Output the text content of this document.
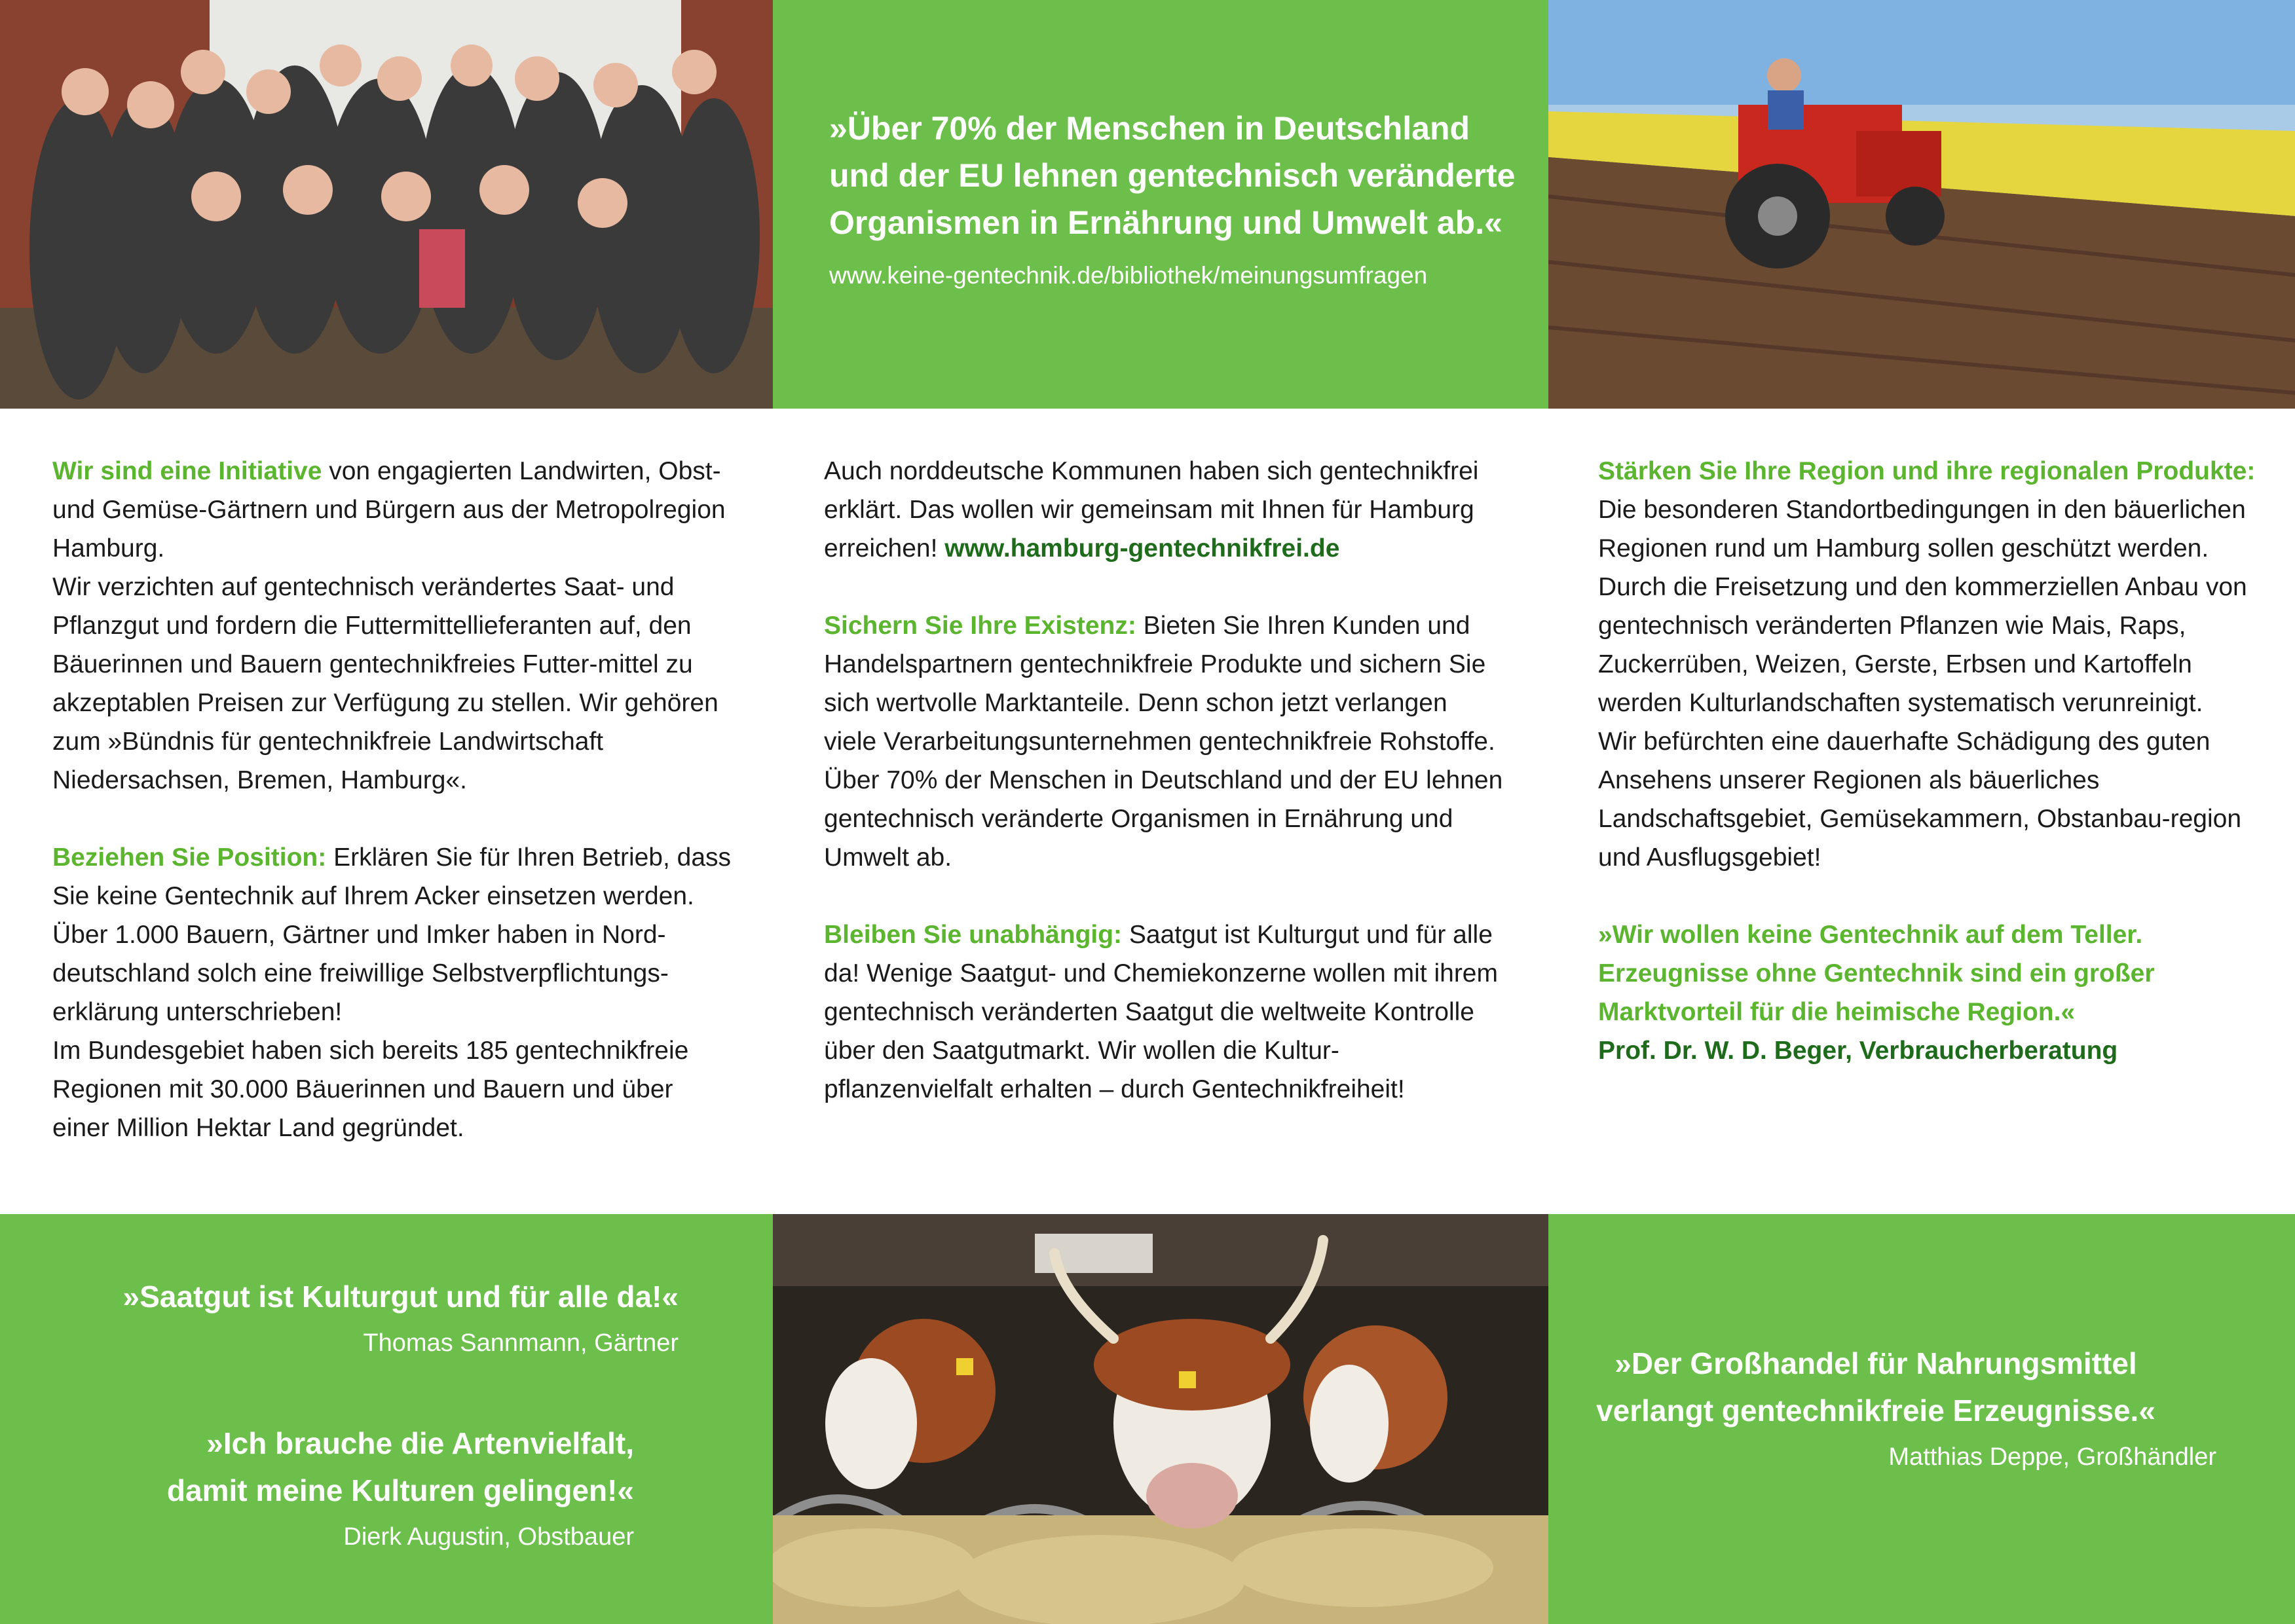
»Über 70% der Menschen in Deutschland und der EU lehnen gentechnisch veränderte Organismen in Ernährung und Umwelt ab.«
www.keine-gentechnik.de/bibliothek/meinungsumfragen

Wir sind eine Initiative von engagierten Landwirten, Obst- und Gemüse-Gärtnern und Bürgern aus der Metropolregion Hamburg.
Wir verzichten auf gentechnisch verändertes Saat- und Pflanzgut und fordern die Futtermittellieferanten auf, den Bäuerinnen und Bauern gentechnikfreies Futter-mittel zu akzeptablen Preisen zur Verfügung zu stellen. Wir gehören zum »Bündnis für gentechnikfreie Landwirtschaft Niedersachsen, Bremen, Hamburg«.

Beziehen Sie Position: Erklären Sie für Ihren Betrieb, dass Sie keine Gentechnik auf Ihrem Acker einsetzen werden. Über 1.000 Bauern, Gärtner und Imker haben in Nord-deutschland solch eine freiwillige Selbstverpflichtungs-erklärung unterschrieben!
Im Bundesgebiet haben sich bereits 185 gentechnikfreie Regionen mit 30.000 Bäuerinnen und Bauern und über einer Million Hektar Land gegründet.

Auch norddeutsche Kommunen haben sich gentechnikfrei erklärt. Das wollen wir gemeinsam mit Ihnen für Hamburg erreichen! www.hamburg-gentechnikfrei.de

Sichern Sie Ihre Existenz: Bieten Sie Ihren Kunden und Handelspartnern gentechnikfreie Produkte und sichern Sie sich wertvolle Marktanteile. Denn schon jetzt verlangen viele Verarbeitungsunternehmen gentechnikfreie Rohstoffe. Über 70% der Menschen in Deutschland und der EU lehnen gentechnisch veränderte Organismen in Ernährung und Umwelt ab.

Bleiben Sie unabhängig: Saatgut ist Kulturgut und für alle da! Wenige Saatgut- und Chemiekonzerne wollen mit ihrem gentechnisch veränderten Saatgut die weltweite Kontrolle über den Saatgutmarkt. Wir wollen die Kultur-pflanzenvielfalt erhalten – durch Gentechnikfreiheit!

Stärken Sie Ihre Region und ihre regionalen Produkte: Die besonderen Standortbedingungen in den bäuerlichen Regionen rund um Hamburg sollen geschützt werden. Durch die Freisetzung und den kommerziellen Anbau von gentechnisch veränderten Pflanzen wie Mais, Raps, Zuckerrüben, Weizen, Gerste, Erbsen und Kartoffeln werden Kulturlandschaften systematisch verunreinigt.
Wir befürchten eine dauerhafte Schädigung des guten Ansehens unserer Regionen als bäuerliches Landschaftsgebiet, Gemüsekammern, Obstanbau-region und Ausflugsgebiet!

»Wir wollen keine Gentechnik auf dem Teller. Erzeugnisse ohne Gentechnik sind ein großer Marktvorteil für die heimische Region.«
Prof. Dr. W. D. Beger, Verbraucherberatung

»Saatgut ist Kulturgut und für alle da!«
Thomas Sannmann, Gärtner
»Ich brauche die Artenvielfalt,
damit meine Kulturen gelingen!«
Dierk Augustin, Obstbauer
»Der Großhandel für Nahrungsmittel
verlangt gentechnikfreie Erzeugnisse.«
Matthias Deppe, Großhändler
